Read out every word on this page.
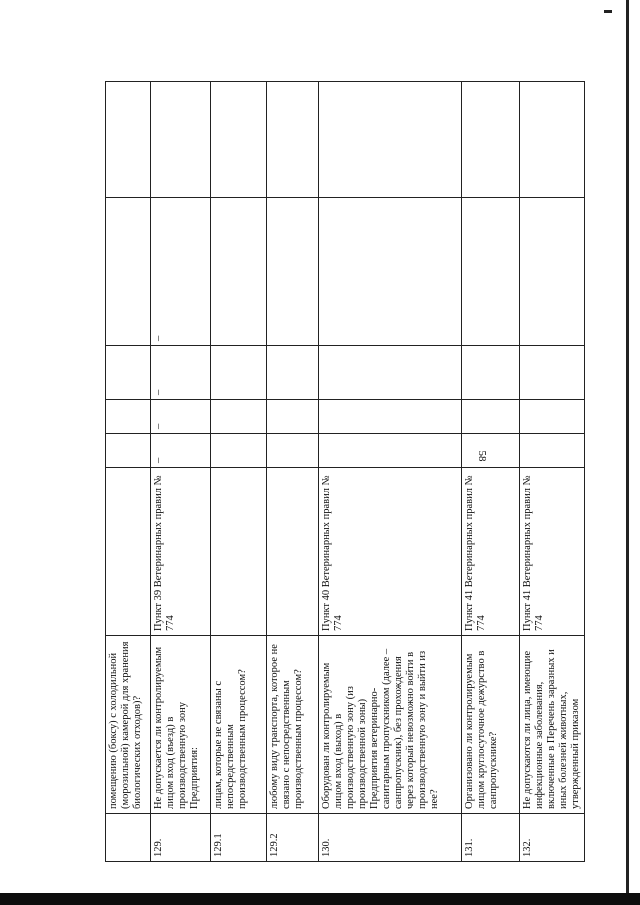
58
	помещению (боксу) с холодильной (морозильной) камерой для хранения биологических отходов)?						
129.	Не допускается ли контролируемым лицом вход (въезд) в производственную зону Предприятия:	Пункт 39 Ветеринарных правил № 774	–	–	–	–	
129.1	лицам, которые не связаны с непосредственным производственным процессом?						
129.2	любому виду транспорта, которое не связано с непосредственным производственным процессом?						
130.	Оборудован ли контролируемым лицом вход (выход) в производственную зону (из производственной зоны) Предприятия ветеринарно-санитарным пропускником (далее – санпропускник), без прохождения через который невозможно войти в производственную зону и выйти из нее?	Пункт 40 Ветеринарных правил № 774					
131.	Организовано ли контролируемым лицом круглосуточное дежурство в санпропускнике?	Пункт 41 Ветеринарных правил № 774					
132.	Не допускаются ли лица, имеющие инфекционные заболевания, включенные в Перечень заразных и иных болезней животных, утвержденный приказом	Пункт 41 Ветеринарных правил № 774					
